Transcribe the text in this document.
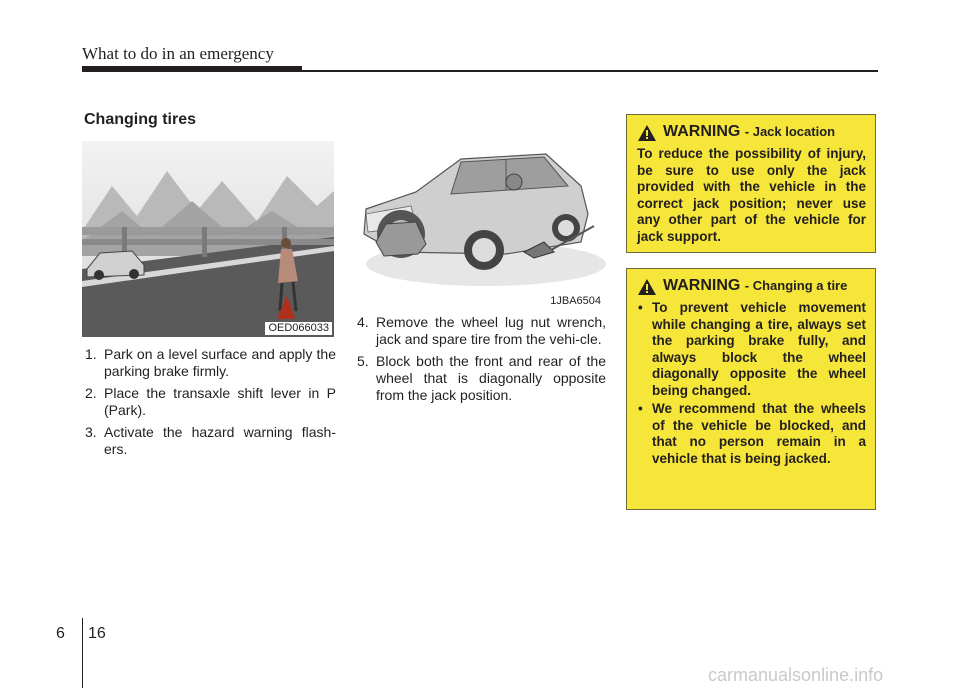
What to do in an emergency
Changing tires
OED066033
1. Park on a level surface and apply the parking brake firmly.
2. Place the transaxle shift lever in P (Park).
3. Activate the hazard warning flash-ers.
1JBA6504
4. Remove the wheel lug nut wrench, jack and spare tire from the vehi-cle.
5. Block both the front and rear of the wheel that is diagonally opposite from the jack position.
WARNING - Jack location
To reduce the possibility of injury, be sure to use only the jack provided with the vehicle in the correct jack position; never use any other part of the vehicle for jack support.
WARNING - Changing a tire
• To prevent vehicle movement while changing a tire, always set the parking brake fully, and always block the wheel diagonally opposite the wheel being changed.
• We recommend that the wheels of the vehicle be blocked, and that no person remain in a vehicle that is being jacked.
6 16
carmanualsonline.info
